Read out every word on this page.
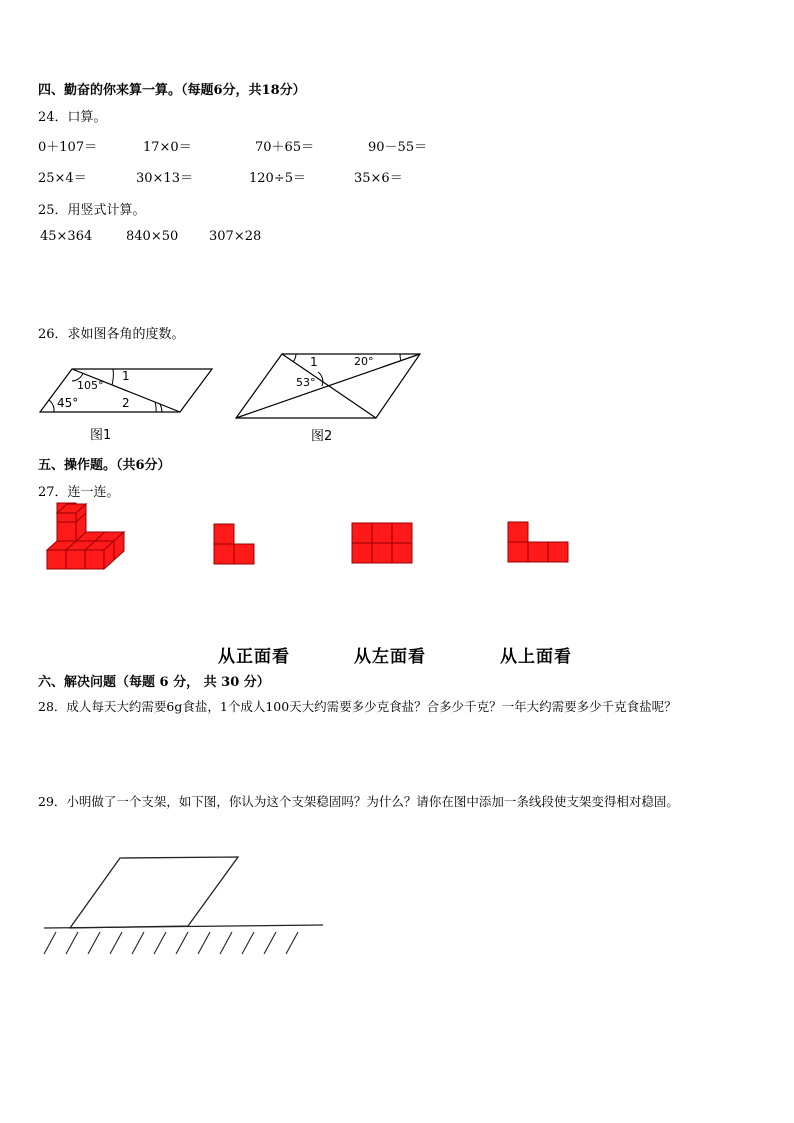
四、勤奋的你来算一算。（每题6分，共18分）
24．口算。
0＋107＝	17×0＝	70＋65＝	90－55＝
25×4＝	30×13＝	120÷5＝	35×6＝
25．用竖式计算。
45×364	840×50 307×28
26．求如图各角的度数。
105°
45°
1
2
图1
1	20°
53°
图2
五、操作题。（共6分）
27．连一连。
从正面看	从左面看	从上面看
六、解决问题（每题 6 分， 共 30 分）
28．成人每天大约需要6g食盐，1个成人100天大约需要多少克食盐？合多少千克？一年大约需要多少千克食盐呢？
29．小明做了一个支架，如下图，你认为这个支架稳固吗？为什么？请你在图中添加一条线段使支架变得相对稳固。
